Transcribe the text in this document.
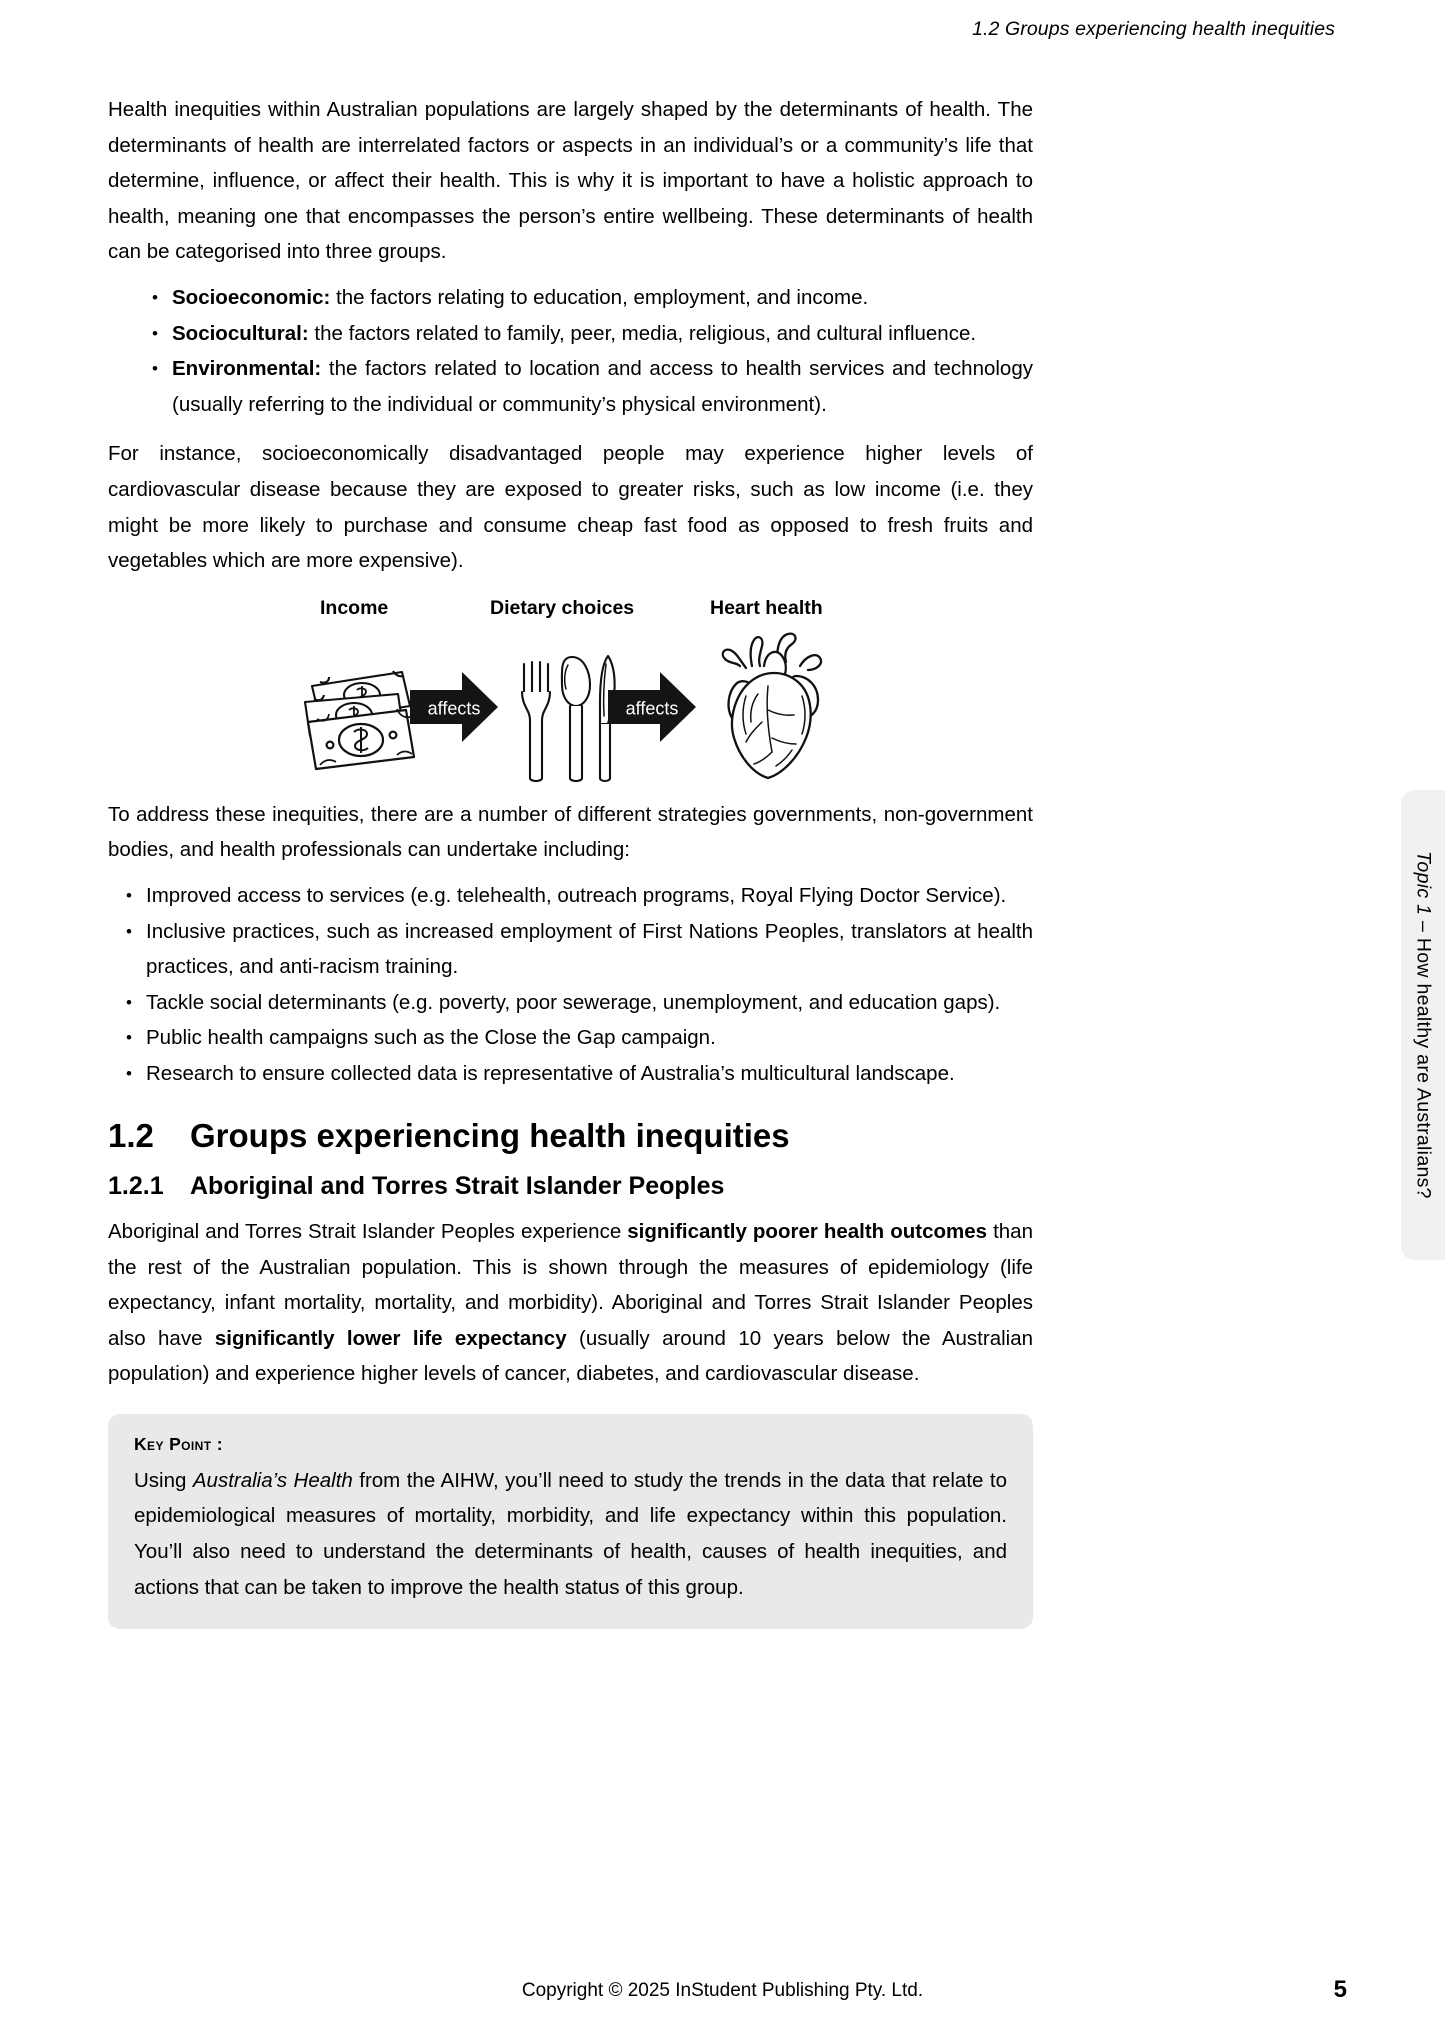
1.2 Groups experiencing health inequities
Topic 1 – How healthy are Australians?

Health inequities within Australian populations are largely shaped by the determinants of health. The determinants of health are interrelated factors or aspects in an individual’s or a community’s life that determine, influence, or affect their health. This is why it is important to have a holistic approach to health, meaning one that encompasses the person’s entire wellbeing. These determinants of health can be categorised into three groups.

• Socioeconomic: the factors relating to education, employment, and income.
• Sociocultural: the factors related to family, peer, media, religious, and cultural influence.
• Environmental: the factors related to location and access to health services and technology (usually referring to the individual or community’s physical environment).

For instance, socioeconomically disadvantaged people may experience higher levels of cardiovascular disease because they are exposed to greater risks, such as low income (i.e. they might be more likely to purchase and consume cheap fast food as opposed to fresh fruits and vegetables which are more expensive).

Income	Dietary choices	Heart health
affects	affects

To address these inequities, there are a number of different strategies governments, non-government bodies, and health professionals can undertake including:

• Improved access to services (e.g. telehealth, outreach programs, Royal Flying Doctor Service).
• Inclusive practices, such as increased employment of First Nations Peoples, translators at health practices, and anti-racism training.
• Tackle social determinants (e.g. poverty, poor sewerage, unemployment, and education gaps).
• Public health campaigns such as the Close the Gap campaign.
• Research to ensure collected data is representative of Australia’s multicultural landscape.
1.2	Groups experiencing health inequities
1.2.1	Aboriginal and Torres Strait Islander Peoples

Aboriginal and Torres Strait Islander Peoples experience significantly poorer health outcomes than the rest of the Australian population. This is shown through the measures of epidemiology (life expectancy, infant mortality, mortality, and morbidity). Aboriginal and Torres Strait Islander Peoples also have significantly lower life expectancy (usually around 10 years below the Australian population) and experience higher levels of cancer, diabetes, and cardiovascular disease.

Key Point :

Using Australia’s Health from the AIHW, you’ll need to study the trends in the data that relate to epidemiological measures of mortality, morbidity, and life expectancy within this population. You’ll also need to understand the determinants of health, causes of health inequities, and actions that can be taken to improve the health status of this group.

Copyright © 2025 InStudent Publishing Pty. Ltd.	5
